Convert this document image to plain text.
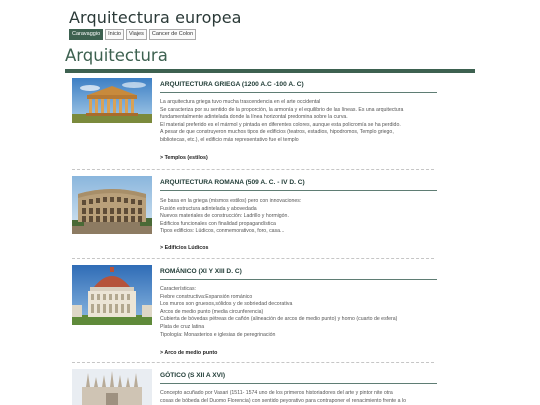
Arquitectura europea
Caravaggio	Inicio	Viajes	Cancer de Colon
Arquitectura
ARQUITECTURA GRIEGA (1200 A.C -100 A. C)
La arquitectura griega tuvo mucha trascendencia en el arte occidental
Se caracteriza por su sentido de la proporción, la armonía y el equilibrio de las líneas. Es una arquitectura
fundamentalmente adintelada donde la línea horizontal predomina sobre la curva.
El material preferido es el mármol y pintada en diferentes colores, aunque esta policromía se ha perdido.
A pesar de que construyeron muchos tipos de edificios (teatros, estadios, hipodromos, Templo griego,
bibliotecas, etc.), el edificio más representativo fue el templo
> Templos (estilos)
ARQUITECTURA ROMANA (509 A. C. - IV D. C)
Se basa en la griega (mismos estilos) pero con innovaciones:
Fusión estructura adintelada y abovedada
Nuevos materiales de construcción: Ladrillo y hormigón.
Edificios funcionales con finalidad propagandística
Tipos edificios: Lúdicos, conmemorativos, foro, casa...
> Edificios Lúdicos
ROMÁNICO (XI Y XIII D. C)
Características:
Fiebre constructiva:Expansión románico
Los muros son gruesos,sólidos y de sobriedad decorativa
Arcos de medio punto (media circunferencia)
Cubierta de bóvedas pétreas de cañón (alineación de arcos de medio punto) y horno (cuarto de esfera)
Plata de cruz latina
Tipología: Monasterios e iglesias de peregrinación
> Arco de medio punto
GÓTICO (S XII A XVI)
Concepto acuñado por Vasari (1511- 1574 uno de los primeros historiadores del arte y pintor nite otra
cosas de bóbeda del Duomo Florencia) con sentido peyorativo para contraponer el renacimiento frente a lo
